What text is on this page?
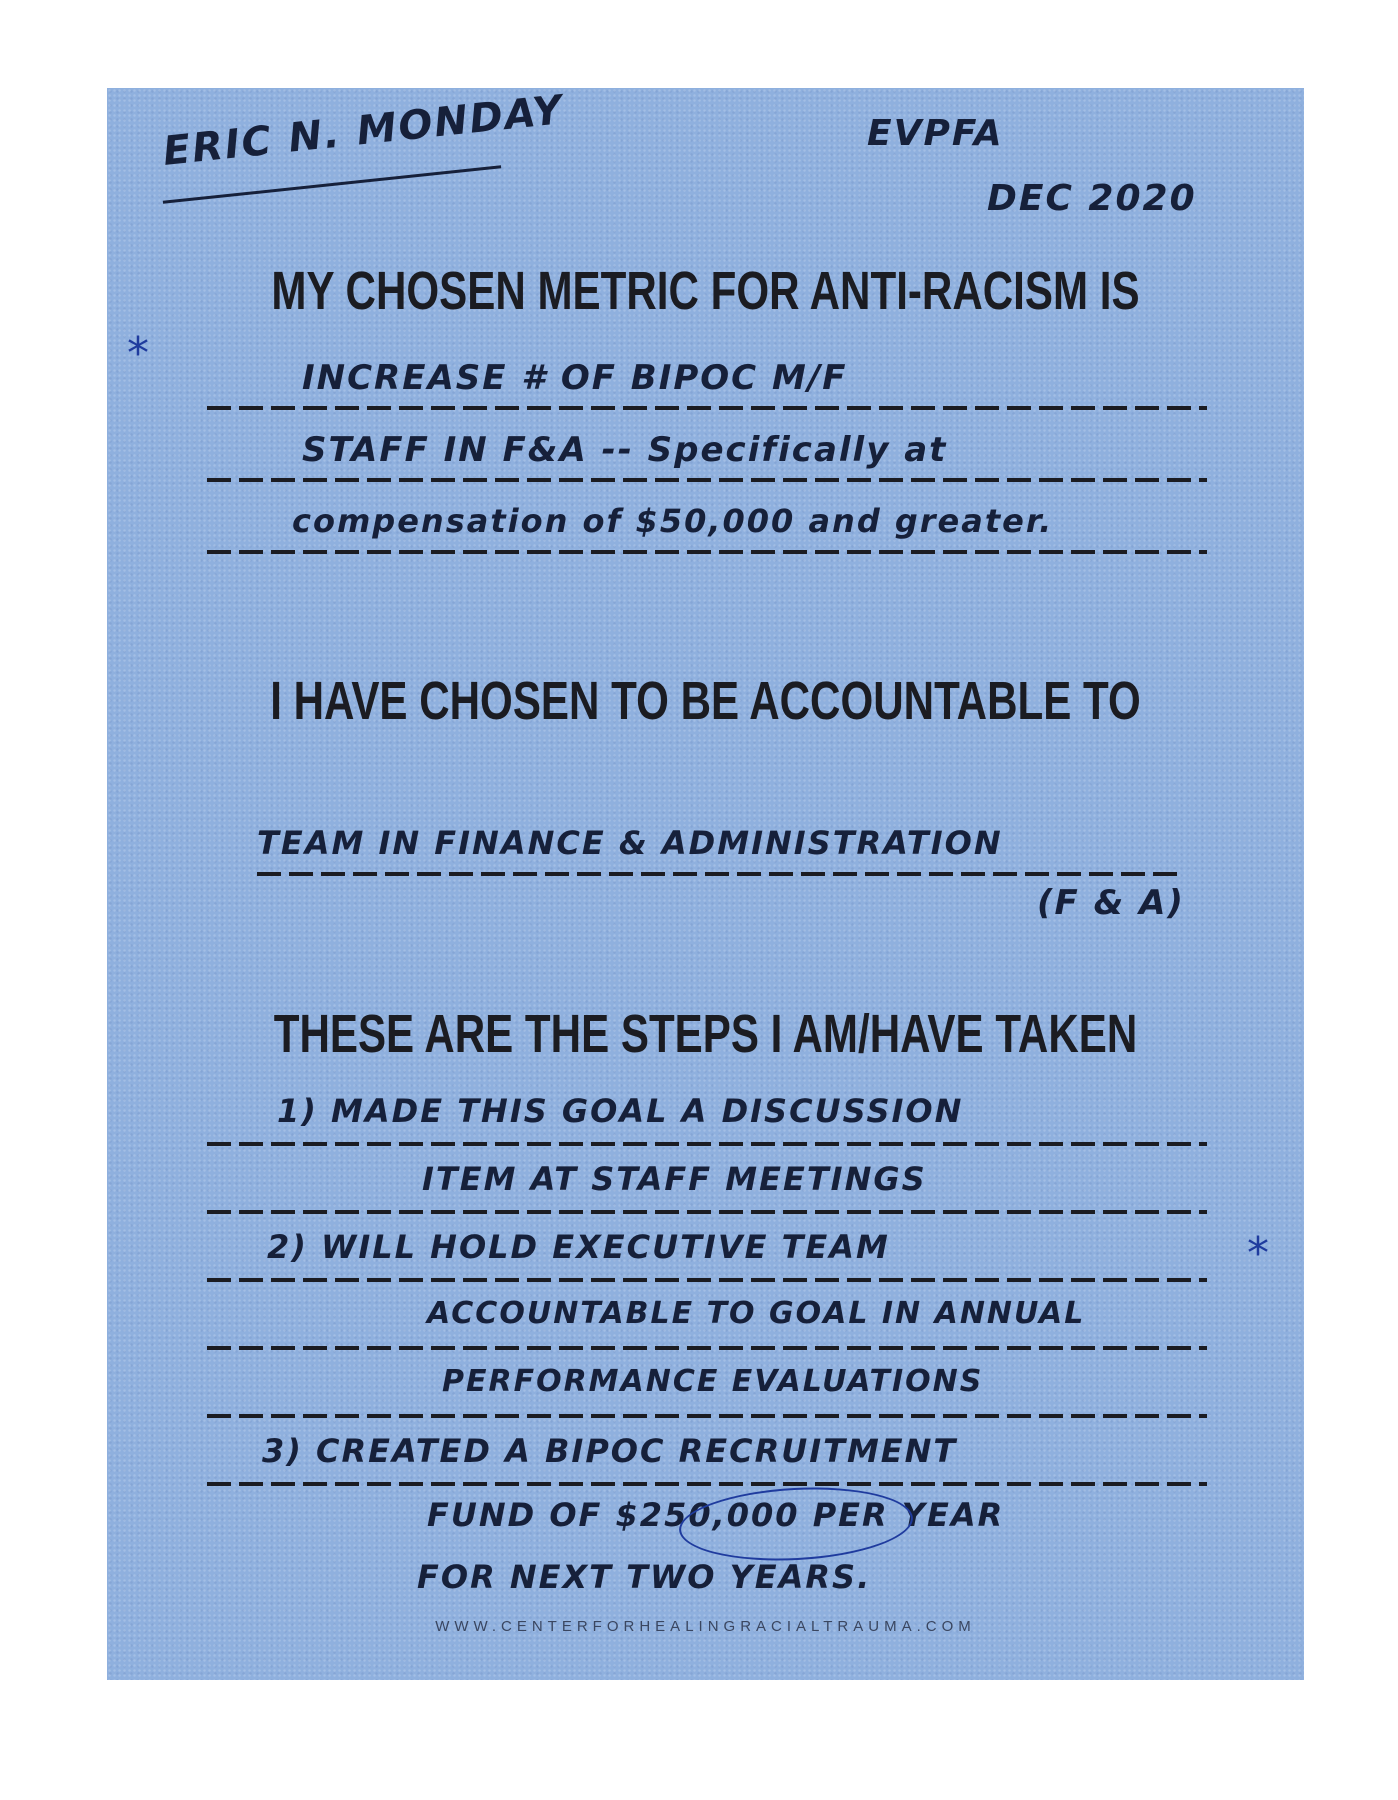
ERIC N. MONDAY	EVPFA
DEC 2020
MY CHOSEN METRIC FOR ANTI-RACISM IS
*	INCREASE # OF BIPOC M/F
STAFF IN F&A -- Specifically at
compensation of $50,000 and greater.
I HAVE CHOSEN TO BE ACCOUNTABLE TO
TEAM IN FINANCE & ADMINISTRATION
(F & A)
THESE ARE THE STEPS I AM/HAVE TAKEN
1) MADE THIS GOAL A DISCUSSION
ITEM AT STAFF MEETINGS
2) WILL HOLD EXECUTIVE TEAM
ACCOUNTABLE TO GOAL IN ANNUAL
PERFORMANCE EVALUATIONS
3) CREATED A BIPOC RECRUITMENT
FUND OF $250,000 PER YEAR
FOR NEXT TWO YEARS.
*
WWW.CENTERFORHEALINGRACIALTRAUMA.COM
